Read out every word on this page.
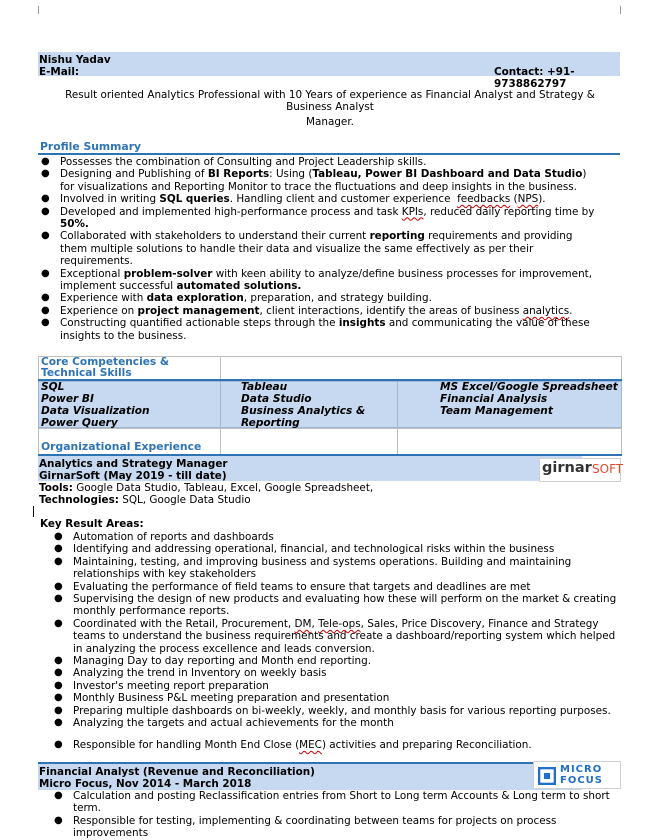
Nishu Yadav
E-Mail:	Contact: +91-
9738862797
Result oriented Analytics Professional with 10 Years of experience as Financial Analyst and Strategy & Business Analyst
Manager.
Profile Summary
● Possesses the combination of Consulting and Project Leadership skills.
● Designing and Publishing of BI Reports: Using (Tableau, Power BI Dashboard and Data Studio)
for visualizations and Reporting Monitor to trace the fluctuations and deep insights in the business.
● Involved in writing SQL queries. Handling client and customer experience  feedbacks (NPS).
● Developed and implemented high-performance process and task KPIs, reduced daily reporting time by
50%.
● Collaborated with stakeholders to understand their current reporting requirements and providing
them multiple solutions to handle their data and visualize the same effectively as per their
requirements.
● Exceptional problem-solver with keen ability to analyze/define business processes for improvement,
implement successful automated solutions.
● Experience with data exploration, preparation, and strategy building.
● Experience on project management, client interactions, identify the areas of business analytics.
● Constructing quantified actionable steps through the insights and communicating the value of these
insights to the business.
Core Competencies &
Technical Skills
SQL
Power BI
Data Visualization
Power Query
Tableau
Data Studio
Business Analytics &
Reporting
MS Excel/Google Spreadsheet
Financial Analysis
Team Management
Organizational Experience
Analytics and Strategy Manager
GirnarSoft (May 2019 - till date)	girnar SOFT
Tools: Google Data Studio, Tableau, Excel, Google Spreadsheet,
Technologies: SQL, Google Data Studio
Key Result Areas:
● Automation of reports and dashboards
● Identifying and addressing operational, financial, and technological risks within the business
● Maintaining, testing, and improving business and systems operations. Building and maintaining
relationships with key stakeholders
● Evaluating the performance of field teams to ensure that targets and deadlines are met
● Supervising the design of new products and evaluating how these will perform on the market & creating
monthly performance reports.
● Coordinated with the Retail, Procurement, DM, Tele-ops, Sales, Price Discovery, Finance and Strategy
teams to understand the business requirements and create a dashboard/reporting system which helped
in analyzing the process excellence and leads conversion.
● Managing Day to day reporting and Month end reporting.
● Analyzing the trend in Inventory on weekly basis
● Investor's meeting report preparation
● Monthly Business P&L meeting preparation and presentation
● Preparing multiple dashboards on bi-weekly, weekly, and monthly basis for various reporting purposes.
● Analyzing the targets and actual achievements for the month
● Responsible for handling Month End Close (MEC) activities and preparing Reconciliation.
Financial Analyst (Revenue and Reconciliation)
Micro Focus, Nov 2014 - March 2018
MICRO
FOCUS
● Calculation and posting Reclassification entries from Short to Long term Accounts & Long term to short
term.
● Responsible for testing, implementing & coordinating between teams for projects on process
improvements
